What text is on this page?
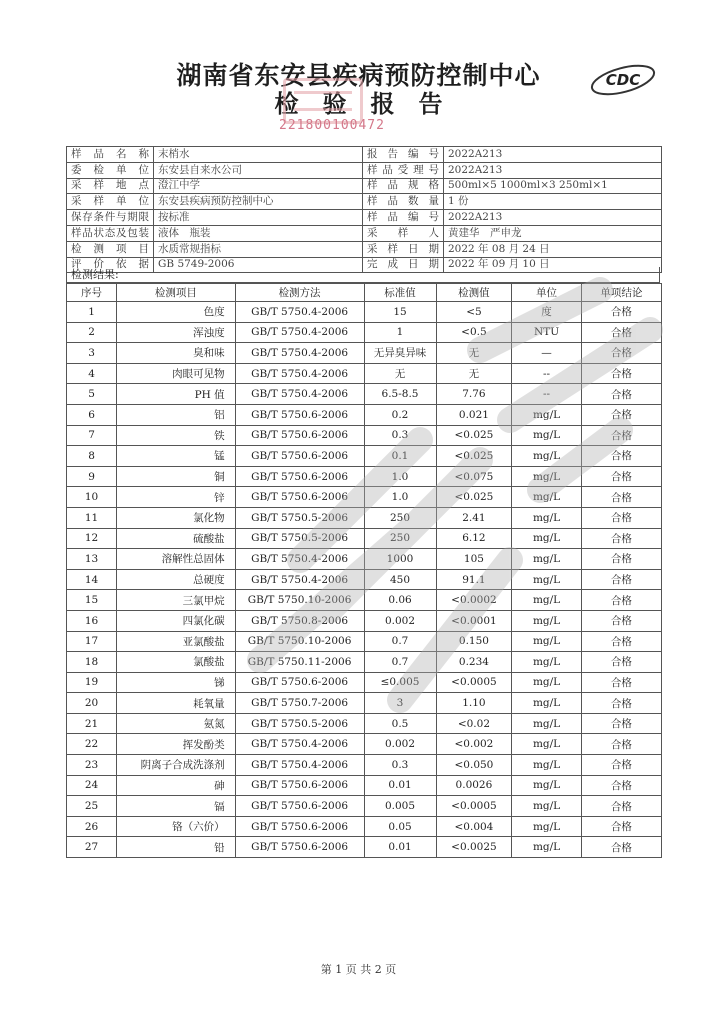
湖南省东安县疾病预防控制中心
检　验　报　告
221800100472
CDC
样品名称	末梢水	报告编号	2022A213
委检单位	东安县自来水公司	样品受理号	2022A213
采样地点	澄江中学	样品规格	500ml×5 1000ml×3 250ml×1
采样单位	东安县疾病预防控制中心	样品数量	1 份
保存条件与期限	按标准	样品编号	2022A213
样品状态及包装	液体　瓶装	采样人	黄建华　严申龙
检测项目	水质常规指标	采样日期	2022 年 08 月 24 日
评价依据	GB 5749-2006	完成日期	2022 年 09 月 10 日
检测结果:
序号	检测项目	检测方法	标准值	检测值	单位	单项结论
1	色度	GB/T 5750.4-2006	15	<5	度	合格
2	浑浊度	GB/T 5750.4-2006	1	<0.5	NTU	合格
3	臭和味	GB/T 5750.4-2006	无异臭异味	无	—	合格
4	肉眼可见物	GB/T 5750.4-2006	无	无	--	合格
5	PH 值	GB/T 5750.4-2006	6.5-8.5	7.76	--	合格
6	铝	GB/T 5750.6-2006	0.2	0.021	mg/L	合格
7	铁	GB/T 5750.6-2006	0.3	<0.025	mg/L	合格
8	锰	GB/T 5750.6-2006	0.1	<0.025	mg/L	合格
9	铜	GB/T 5750.6-2006	1.0	<0.075	mg/L	合格
10	锌	GB/T 5750.6-2006	1.0	<0.025	mg/L	合格
11	氯化物	GB/T 5750.5-2006	250	2.41	mg/L	合格
12	硫酸盐	GB/T 5750.5-2006	250	6.12	mg/L	合格
13	溶解性总固体	GB/T 5750.4-2006	1000	105	mg/L	合格
14	总硬度	GB/T 5750.4-2006	450	91.1	mg/L	合格
15	三氯甲烷	GB/T 5750.10-2006	0.06	<0.0002	mg/L	合格
16	四氯化碳	GB/T 5750.8-2006	0.002	<0.0001	mg/L	合格
17	亚氯酸盐	GB/T 5750.10-2006	0.7	0.150	mg/L	合格
18	氯酸盐	GB/T 5750.11-2006	0.7	0.234	mg/L	合格
19	锑	GB/T 5750.6-2006	≤0.005	<0.0005	mg/L	合格
20	耗氧量	GB/T 5750.7-2006	3	1.10	mg/L	合格
21	氨氮	GB/T 5750.5-2006	0.5	<0.02	mg/L	合格
22	挥发酚类	GB/T 5750.4-2006	0.002	<0.002	mg/L	合格
23	阴离子合成洗涤剂	GB/T 5750.4-2006	0.3	<0.050	mg/L	合格
24	砷	GB/T 5750.6-2006	0.01	0.0026	mg/L	合格
25	镉	GB/T 5750.6-2006	0.005	<0.0005	mg/L	合格
26	铬（六价）	GB/T 5750.6-2006	0.05	<0.004	mg/L	合格
27	铅	GB/T 5750.6-2006	0.01	<0.0025	mg/L	合格
第 1 页 共 2 页
